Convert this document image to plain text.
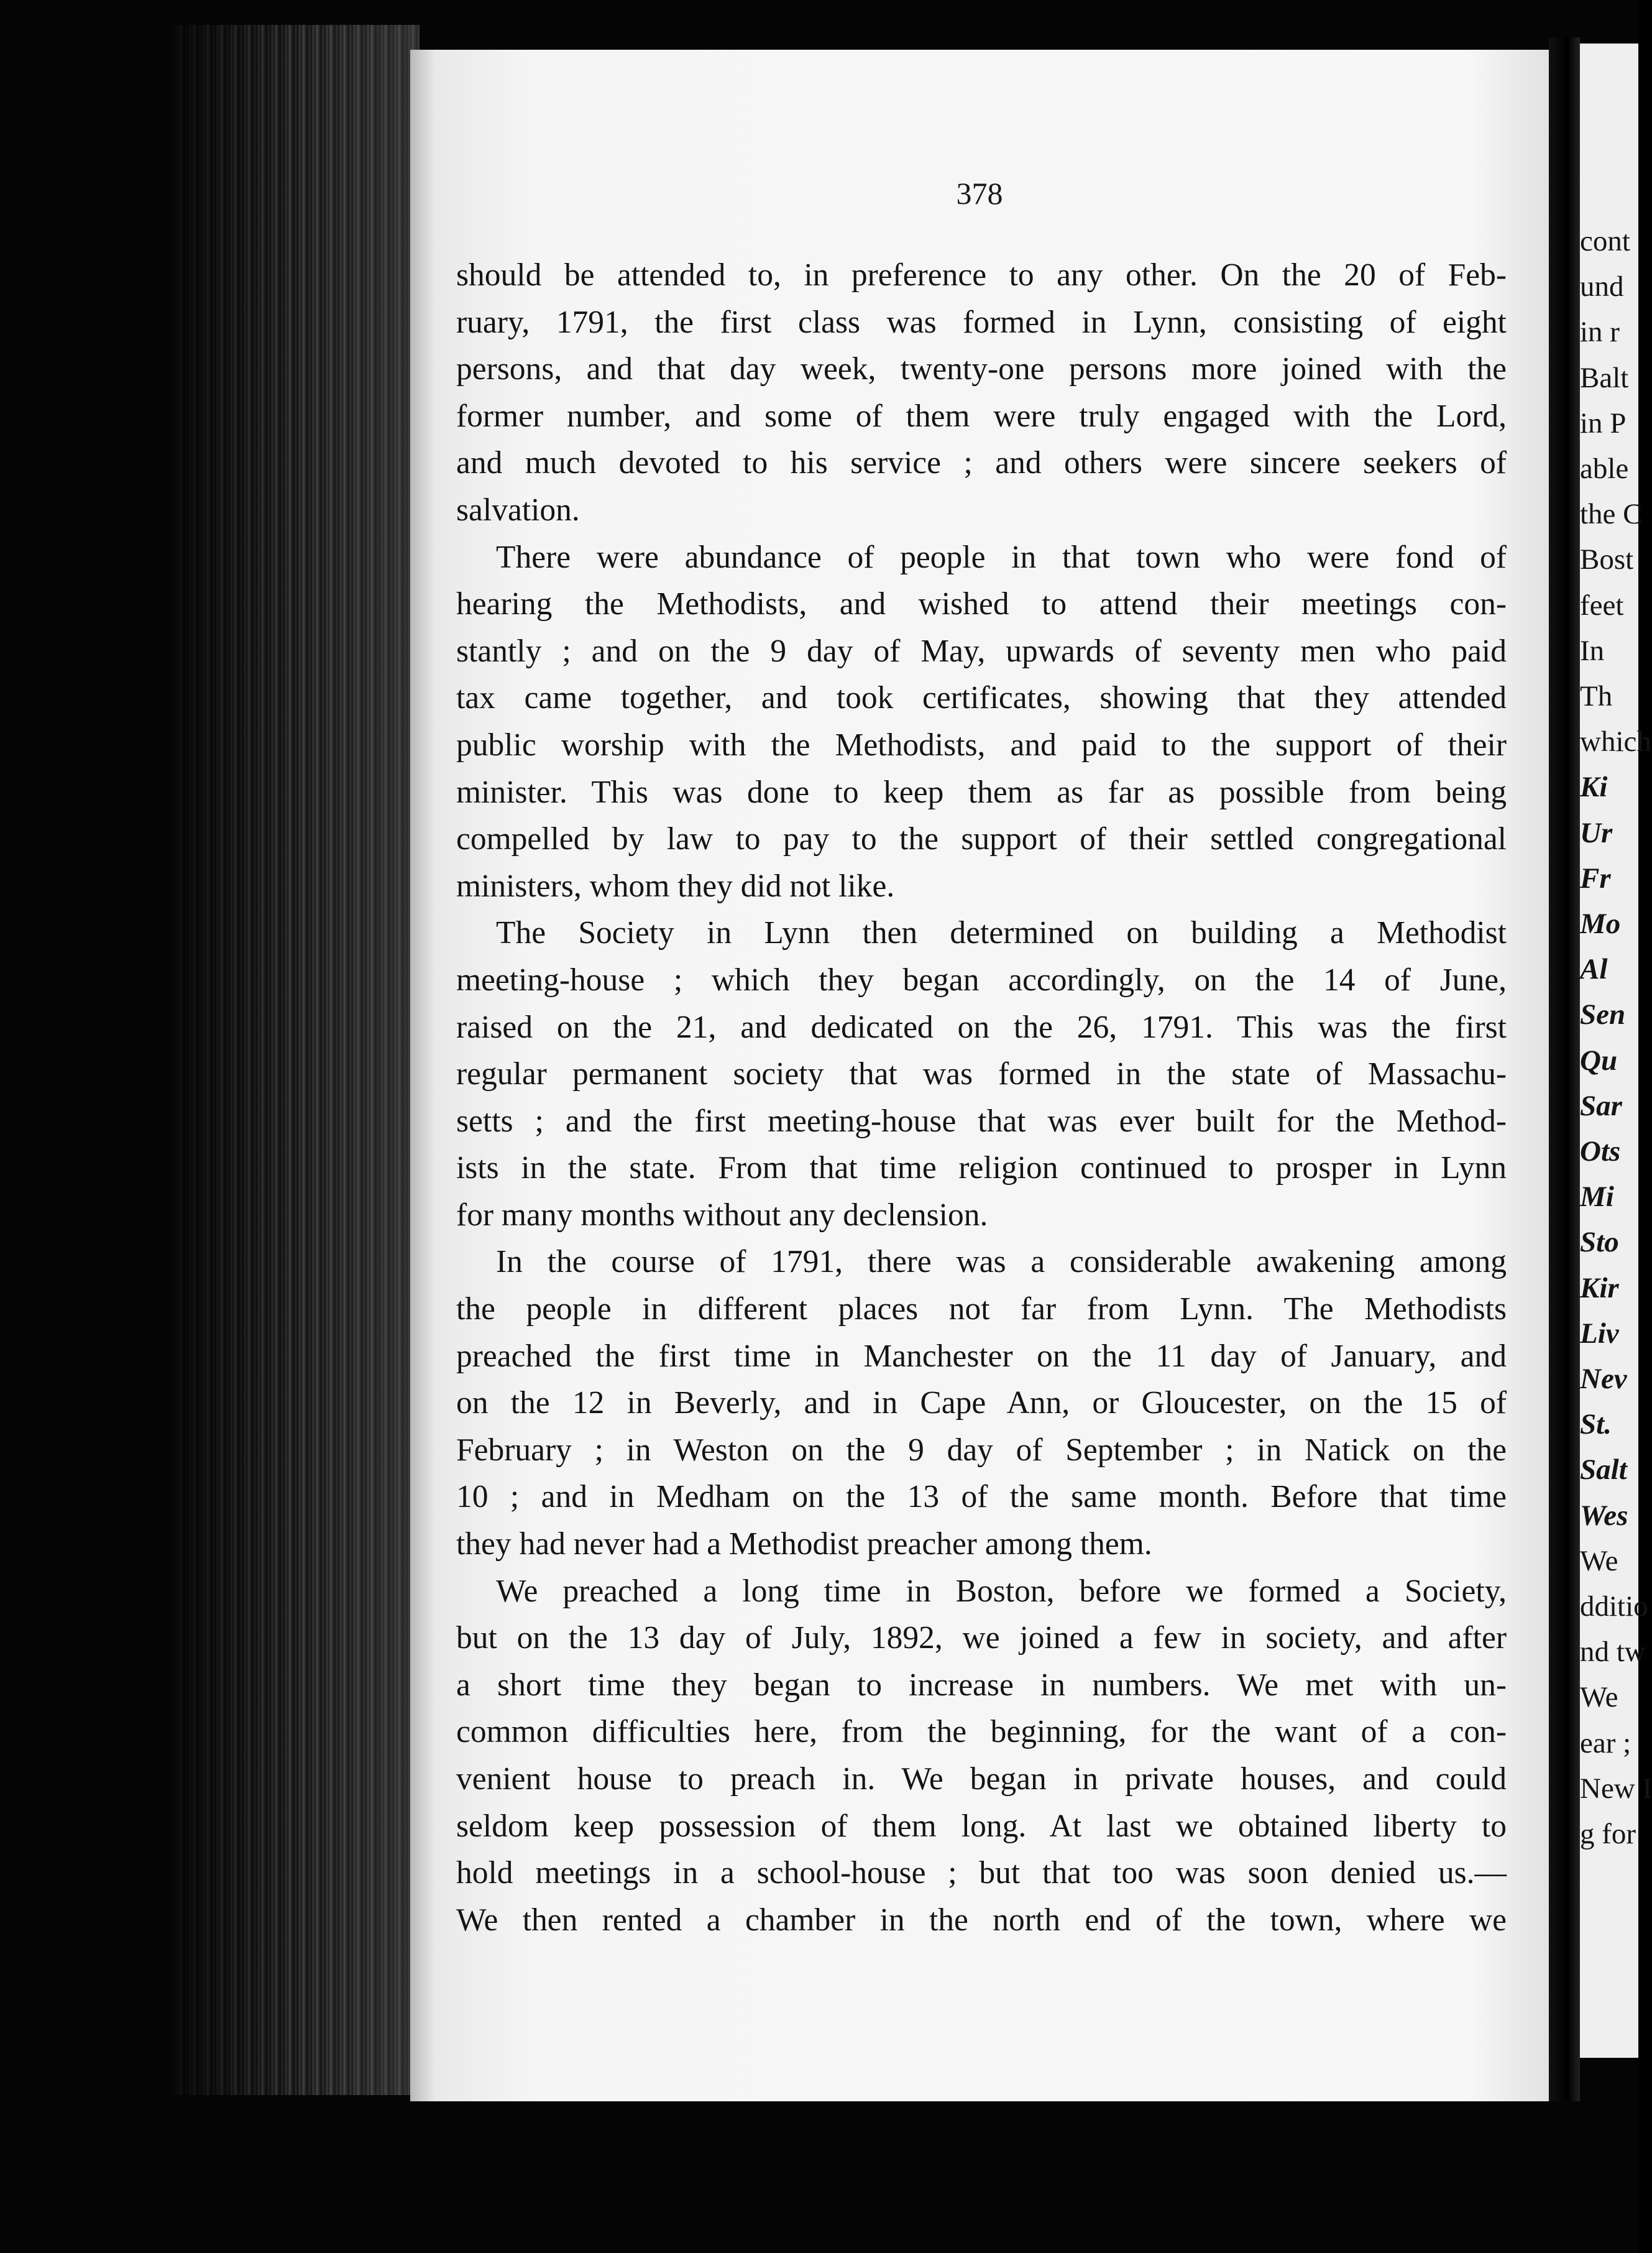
378
should be attended to, in preference to any other. On the 20 of Feb-
ruary, 1791, the first class was formed in Lynn, consisting of eight
persons, and that day week, twenty-one persons more joined with the
former number, and some of them were truly engaged with the Lord,
and much devoted to his service ; and others were sincere seekers of
salvation.
There were abundance of people in that town who were fond of
hearing the Methodists, and wished to attend their meetings con-
stantly ; and on the 9 day of May, upwards of seventy men who paid
tax came together, and took certificates, showing that they attended
public worship with the Methodists, and paid to the support of their
minister. This was done to keep them as far as possible from being
compelled by law to pay to the support of their settled congregational
ministers, whom they did not like.
The Society in Lynn then determined on building a Methodist
meeting-house ; which they began accordingly, on the 14 of June,
raised on the 21, and dedicated on the 26, 1791. This was the first
regular permanent society that was formed in the state of Massachu-
setts ; and the first meeting-house that was ever built for the Method-
ists in the state. From that time religion continued to prosper in Lynn
for many months without any declension.
In the course of 1791, there was a considerable awakening among
the people in different places not far from Lynn. The Methodists
preached the first time in Manchester on the 11 day of January, and
on the 12 in Beverly, and in Cape Ann, or Gloucester, on the 15 of
February ; in Weston on the 9 day of September ; in Natick on the
10 ; and in Medham on the 13 of the same month. Before that time
they had never had a Methodist preacher among them.
We preached a long time in Boston, before we formed a Society,
but on the 13 day of July, 1892, we joined a few in society, and after
a short time they began to increase in numbers. We met with un-
common difficulties here, from the beginning, for the want of a con-
venient house to preach in. We began in private houses, and could
seldom keep possession of them long. At last we obtained liberty to
hold meetings in a school-house ; but that too was soon denied us.—
We then rented a chamber in the north end of the town, where we
cont
und
in r
Balt
in P
able
the C
Bost
feet
In
Th
which
Ki
Ur
Fr
Mo
Al
Sen
Qu
Sar
Ots
Mi
Sto
Kir
Liv
Nev
St.
Salt
Wes
We
dditio
nd tw
We
ear ;
New I
g for
